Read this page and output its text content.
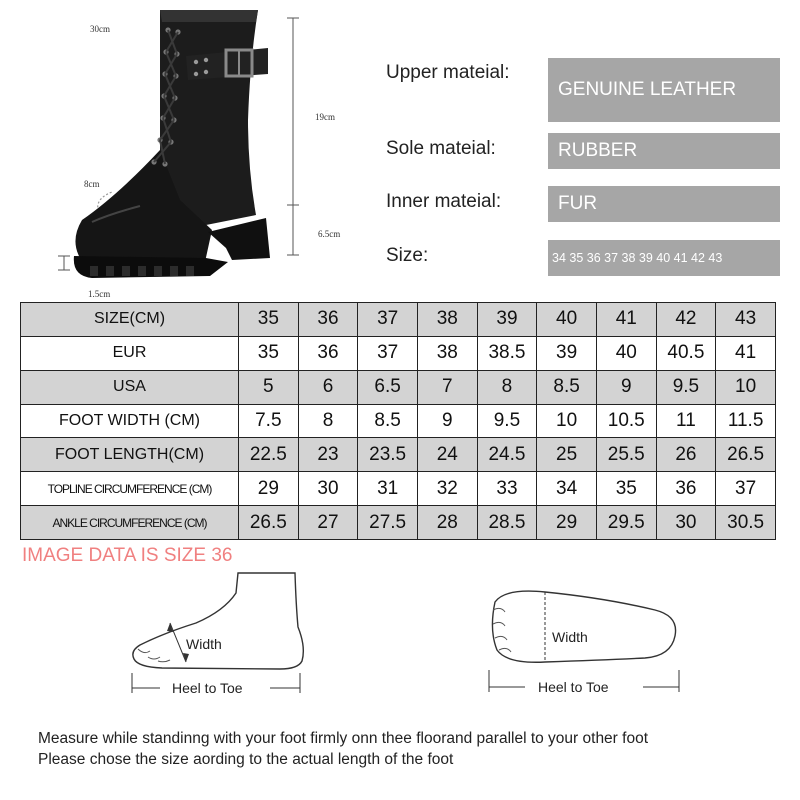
30cm
19cm
6.5cm
8cm
1.5cm
Upper mateial:
GENUINE LEATHER
Sole mateial:	RUBBER
Inner mateial:	FUR
Size:	34 35 36 37 38 39 40 41 42 43
SIZE(CM)	35	36	37	38	39	40	41	42	43
EUR	35	36	37	38	38.5	39	40	40.5	41
USA	5	6	6.5	7	8	8.5	9	9.5	10
FOOT WIDTH (CM)	7.5	8	8.5	9	9.5	10	10.5	11	11.5
FOOT LENGTH(CM)	22.5	23	23.5	24	24.5	25	25.5	26	26.5
TOPLINE CIRCUMFERENCE (CM)	29	30	31	32	33	34	35	36	37
ANKLE CIRCUMFERENCE (CM)	26.5	27	27.5	28	28.5	29	29.5	30	30.5
IMAGE DATA IS SIZE 36
Width
Heel to Toe
Width
Heel to Toe
Measure while standinng with your foot firmly onn thee floorand parallel to your other foot
Please chose the size aording to the actual length of the foot
